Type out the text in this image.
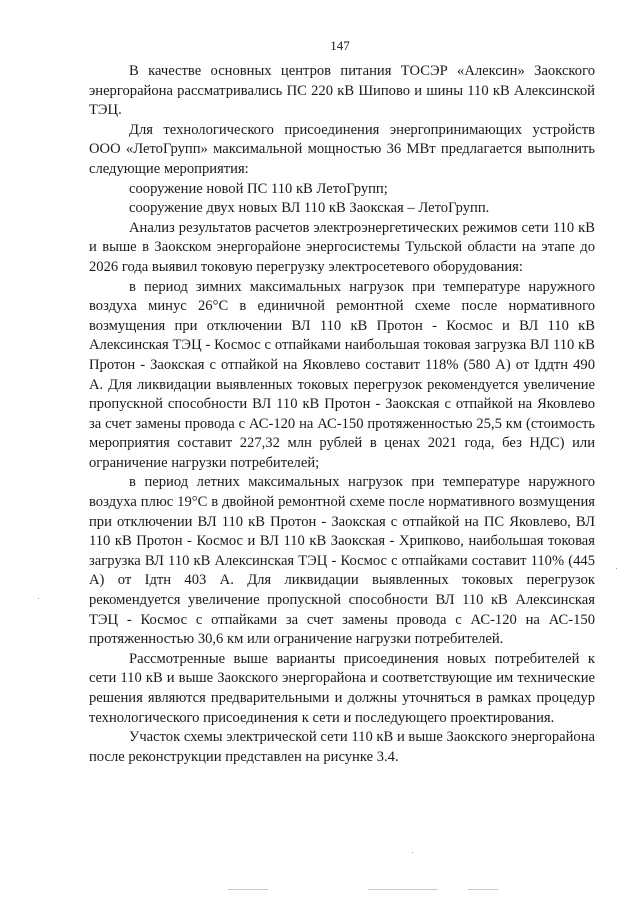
147

В качестве основных центров питания ТОСЭР «Алексин» Заокского энергорайона рассматривались ПС 220 кВ Шипово и шины 110 кВ Алексинской ТЭЦ.

Для технологического присоединения энергопринимающих устройств ООО «ЛетоГрупп» максимальной мощностью 36 МВт предлагается выполнить следующие мероприятия:

сооружение новой ПС 110 кВ ЛетоГрупп;

сооружение двух новых ВЛ 110 кВ Заокская – ЛетоГрупп.

Анализ результатов расчетов электроэнергетических режимов сети 110 кВ и выше в Заокском энергорайоне энергосистемы Тульской области на этапе до 2026 года выявил токовую перегрузку электросетевого оборудования:

в период зимних максимальных нагрузок при температуре наружного воздуха минус 26°С в единичной ремонтной схеме после нормативного возмущения при отключении ВЛ 110 кВ Протон - Космос и ВЛ 110 кВ Алексинская ТЭЦ - Космос с отпайками наибольшая токовая загрузка ВЛ 110 кВ Протон - Заокская с отпайкой на Яковлево составит 118% (580 А) от Iддтн 490 А. Для ликвидации выявленных токовых перегрузок рекомендуется увеличение пропускной способности ВЛ 110 кВ Протон - Заокская с отпайкой на Яковлево за счет замены провода с АС-120 на АС-150 протяженностью 25,5 км (стоимость мероприятия составит 227,32 млн рублей в ценах 2021 года, без НДС) или ограничение нагрузки потребителей;

в период летних максимальных нагрузок при температуре наружного воздуха плюс 19°С в двойной ремонтной схеме после нормативного возмущения при отключении ВЛ 110 кВ Протон - Заокская с отпайкой на ПС Яковлево, ВЛ 110 кВ Протон - Космос и ВЛ 110 кВ Заокская - Хрипково, наибольшая токовая загрузка ВЛ 110 кВ Алексинская ТЭЦ - Космос с отпайками составит 110% (445 А) от Iдтн 403 А. Для ликвидации выявленных токовых перегрузок рекомендуется увеличение пропускной способности ВЛ 110 кВ Алексинская ТЭЦ - Космос с отпайками за счет замены провода с АС-120 на АС-150 протяженностью 30,6 км или ограничение нагрузки потребителей.

Рассмотренные выше варианты присоединения новых потребителей к сети 110 кВ и выше Заокского энергорайона и соответствующие им технические решения являются предварительными и должны уточняться в рамках процедур технологического присоединения к сети и последующего проектирования.

Участок схемы электрической сети 110 кВ и выше Заокского энергорайона после реконструкции представлен на рисунке 3.4.
